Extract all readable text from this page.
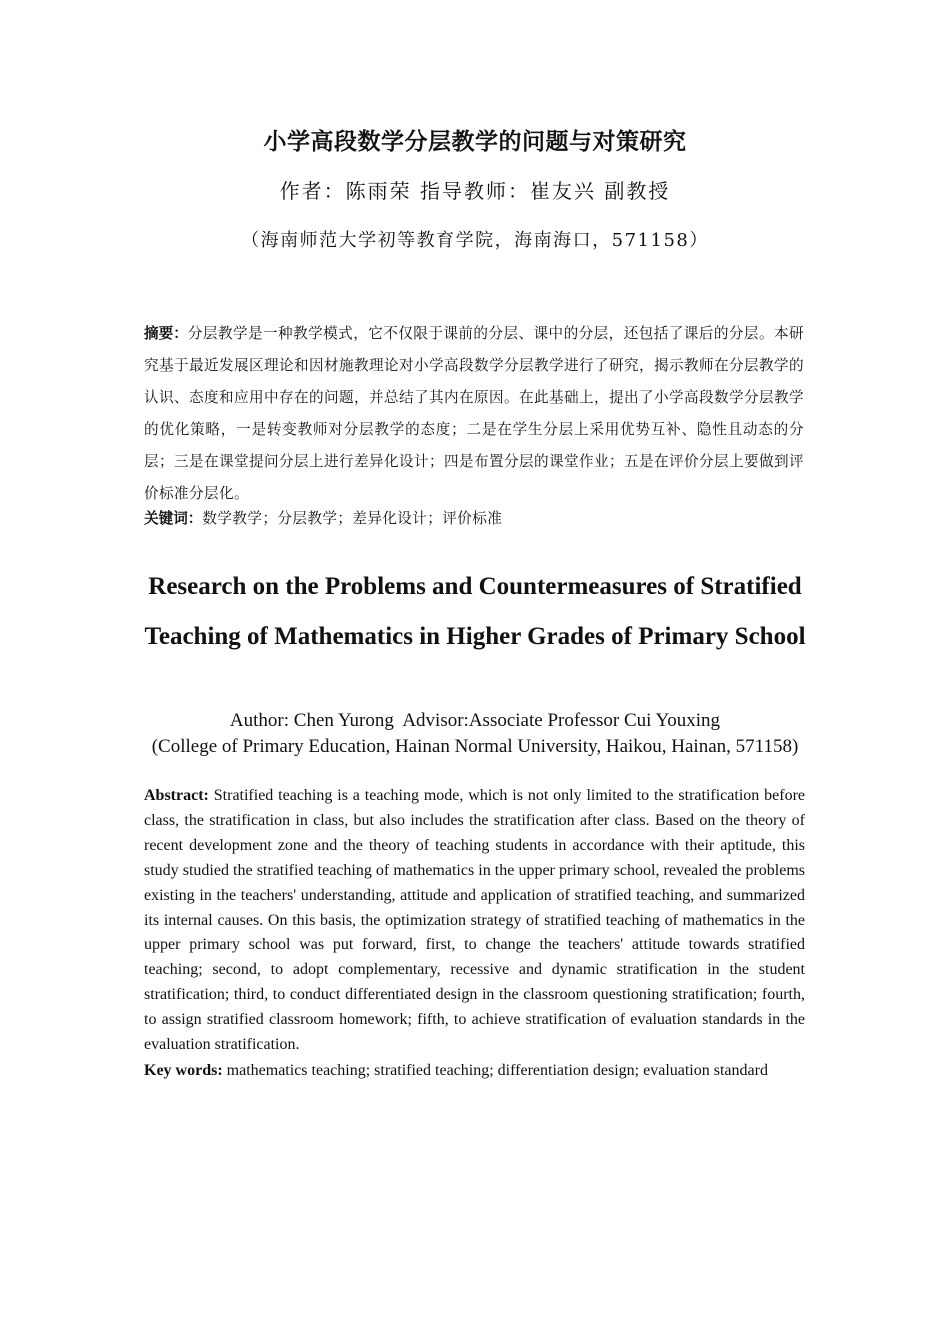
小学高段数学分层教学的问题与对策研究
作者：陈雨荣 指导教师：崔友兴 副教授
（海南师范大学初等教育学院，海南海口，571158）
摘要：分层教学是一种教学模式，它不仅限于课前的分层、课中的分层，还包括了课后的分层。本研究基于最近发展区理论和因材施教理论对小学高段数学分层教学进行了研究，揭示教师在分层教学的认识、态度和应用中存在的问题，并总结了其内在原因。在此基础上，提出了小学高段数学分层教学的优化策略，一是转变教师对分层教学的态度；二是在学生分层上采用优势互补、隐性且动态的分层；三是在课堂提问分层上进行差异化设计；四是布置分层的课堂作业；五是在评价分层上要做到评价标准分层化。
关键词：数学教学；分层教学；差异化设计；评价标准
Research on the Problems and Countermeasures of Stratified Teaching of Mathematics in Higher Grades of Primary School
Author: Chen Yurong  Advisor:Associate Professor Cui Youxing
(College of Primary Education, Hainan Normal University, Haikou, Hainan, 571158)
Abstract: Stratified teaching is a teaching mode, which is not only limited to the stratification before class, the stratification in class, but also includes the stratification after class. Based on the theory of recent development zone and the theory of teaching students in accordance with their aptitude, this study studied the stratified teaching of mathematics in the upper primary school, revealed the problems existing in the teachers' understanding, attitude and application of stratified teaching, and summarized its internal causes. On this basis, the optimization strategy of stratified teaching of mathematics in the upper primary school was put forward, first, to change the teachers' attitude towards stratified teaching; second, to adopt complementary, recessive and dynamic stratification in the student stratification; third, to conduct differentiated design in the classroom questioning stratification; fourth, to assign stratified classroom homework; fifth, to achieve stratification of evaluation standards in the evaluation stratification.
Key words: mathematics teaching; stratified teaching; differentiation design; evaluation standard
